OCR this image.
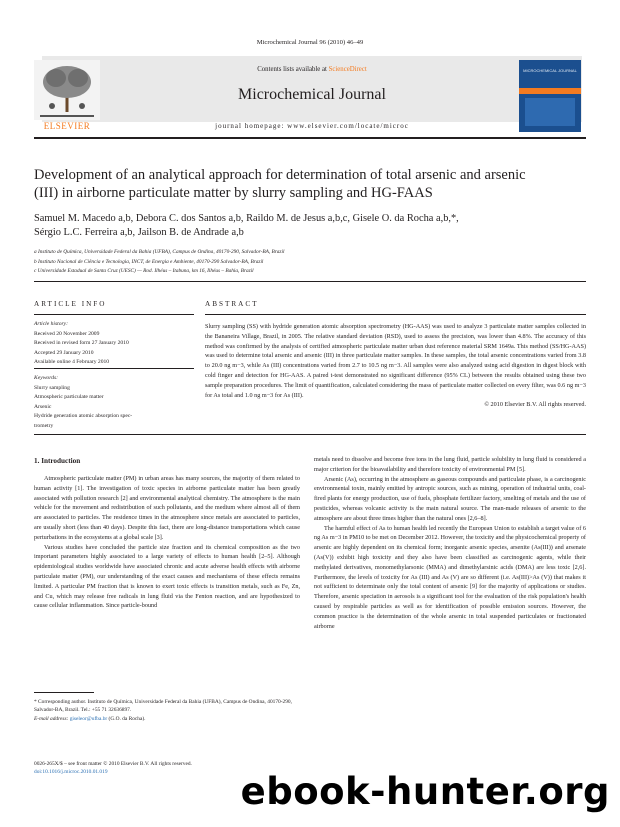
Microchemical Journal 96 (2010) 46–49
ELSEVIER
Contents lists available at ScienceDirect
Microchemical Journal
journal homepage: www.elsevier.com/locate/microc
MICROCHEMICAL JOURNAL
Development of an analytical approach for determination of total arsenic and arsenic
(III) in airborne particulate matter by slurry sampling and HG-FAAS
Samuel M. Macedo a,b, Debora C. dos Santos a,b, Raildo M. de Jesus a,b,c, Gisele O. da Rocha a,b,*,
Sérgio L.C. Ferreira a,b, Jailson B. de Andrade a,b
a Instituto de Química, Universidade Federal da Bahia (UFBA), Campus de Ondina, 40170-290, Salvador-BA, Brazil
b Instituto Nacional de Ciência e Tecnologia, INCT, de Energia e Ambiente, 40170-290 Salvador-BA, Brazil
c Universidade Estadual de Santa Cruz (UESC) — Rod. Ilhéus – Itabuna, km 16, Ilhéus – Bahia, Brazil
ARTICLE INFO
Article history:
Received 20 November 2009
Received in revised form 27 January 2010
Accepted 29 January 2010
Available online 4 February 2010
Keywords:
Slurry sampling
Atmospheric particulate matter
Arsenic
Hydride generation atomic absorption spec-
trometry
ABSTRACT
Slurry sampling (SS) with hydride generation atomic absorption spectrometry (HG-AAS) was used to analyze 3 particulate matter samples collected in the Bananeira Village, Brazil, in 2005. The relative standard deviation (RSD), used to assess the precision, was lower than 4.8%. The accuracy of this method was confirmed by the analysis of certified atmospheric particulate matter urban dust reference material SRM 1649a. This method (SS/HG-AAS) was used to determine total arsenic and arsenic (III) in three particulate matter samples. In these samples, the total arsenic concentrations varied from 3.8 to 20.0 ng m−3, while As (III) concentrations varied from 2.7 to 10.5 ng m−3. All samples were also analyzed using acid digestion in digest block with cold finger and detection for HG-AAS. A paired t-test demonstrated no significant difference (95% CL) between the results obtained using these two sample preparation procedures. The limit of quantification, calculated considering the mass of particulate matter collected on every filter, was 0.6 ng m−3 for As total and 1.0 ng m−3 for As (III).
© 2010 Elsevier B.V. All rights reserved.
1. Introduction

Atmospheric particulate matter (PM) in urban areas has many sources, the majority of them related to human activity [1]. The investigation of toxic species in airborne particulate matter has been greatly associated with pollution research [2] and environmental analytical chemistry. The atmosphere is the main vehicle for the movement and redistribution of such pollutants, and the medium where almost all of them are associated to particles. The residence times in the atmosphere since metals are associated to particles, are usually short (less than 40 days). Despite this fact, there are long-distance transportations which cause perturbations in the ecosystems at a global scale [3].

Various studies have concluded the particle size fraction and its chemical composition as the two important parameters highly associated to a large variety of effects to human health [2–5]. Although epidemiological studies worldwide have associated chronic and acute adverse health effects with airborne particulate matter (PM), our understanding of the exact causes and mechanisms of these effects remains limited. A particular PM fraction that is known to exert toxic effects is transition metals, such as Fe, Zn, and Cu, which may release free radicals in lung fluid via the Fenton reaction, and are hypothesized to cause cellular inflammation. Since particle-bound

metals need to dissolve and become free ions in the lung fluid, particle solubility in lung fluid is considered a major criterion for the bioavailability and therefore toxicity of environmental PM [5].

Arsenic (As), occurring in the atmosphere as gaseous compounds and particulate phase, is a carcinogenic environmental toxin, mainly emitted by antropic sources, such as mining, operation of industrial units, coal-fired plants for energy production, use of fuels, phosphate fertilizer factory, smelting of metals and the use of pesticides, whereas volcanic activity is the main natural source. The man-made releases of arsenic to the atmosphere are about three times higher than the natural ones [2,6–8].

The harmful effect of As to human health led recently the European Union to establish a target value of 6 ng As m−3 in PM10 to be met on December 2012. However, the toxicity and the physicochemical property of arsenic are highly dependent on its chemical form; inorganic arsenic species, arsenite (As(III)) and arsenate (As(V)) exhibit high toxicity and they also have been classified as carcinogenic agents, while their methylated derivatives, monomethylarsonic (MMA) and dimethylarsinic acids (DMA) are less toxic [2,6]. Furthermore, the levels of toxicity for As (III) and As (V) are so different (i.e. As(III)>As (V)) that makes it not sufficient to determinate only the total content of arsenic [9] for the majority of applications or studies. Therefore, arsenic speciation in aerosols is a significant tool for the evaluation of the risk population's health caused by respirable particles as well as for identification of possible emission sources. However, the common practice is the determination of the whole arsenic in total suspended particulates or fractionated airborne

* Corresponding author. Instituto de Química, Universidade Federal da Bahia (UFBA), Campus de Ondina, 40170-290, Salvador-BA, Brazil. Tel.: +55 71 32636897.
E-mail address: giseleor@ufba.br (G.O. da Rocha).
0026-265X/$ – see front matter © 2010 Elsevier B.V. All rights reserved.
doi:10.1016/j.microc.2010.01.019	ebook-hunter.org
